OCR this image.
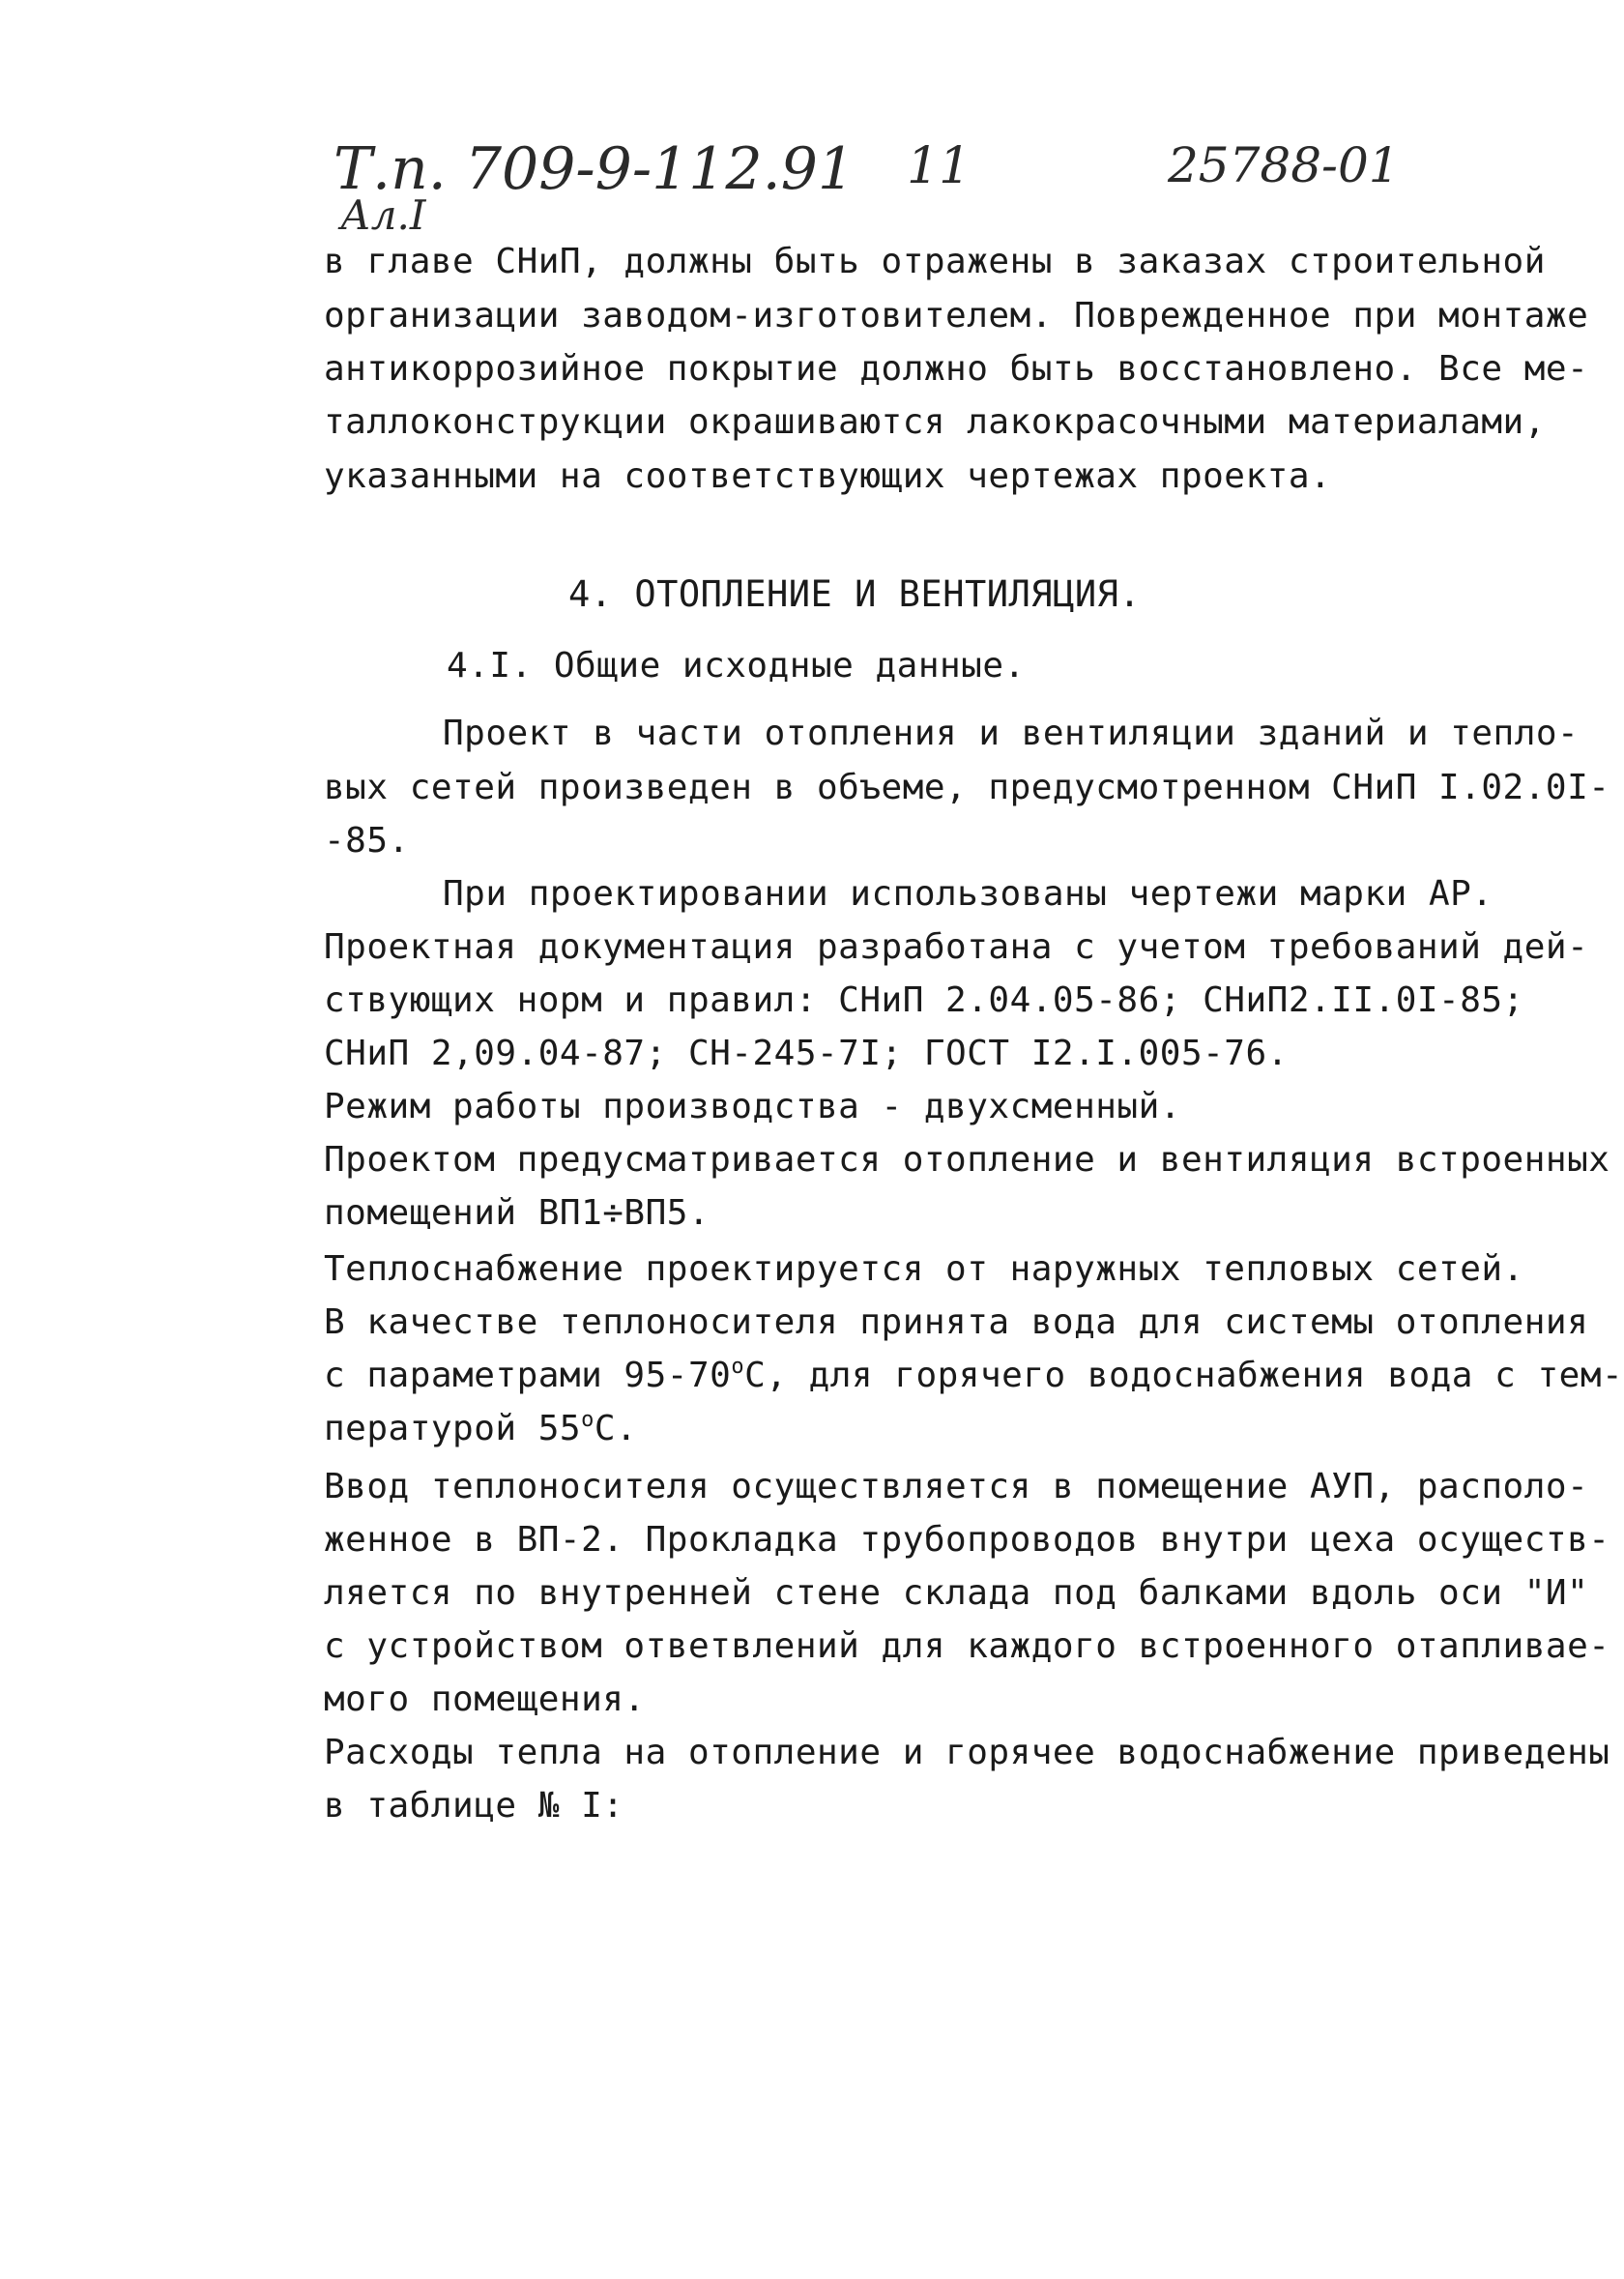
Т.п. 709-9-112.91
Ал.I
11	25788-01
в главе СНиП, должны быть отражены в заказах строительной
организации заводом-изготовителем. Поврежденное при монтаже
антикоррозийное покрытие должно быть восстановлено. Все ме-
таллоконструкции окрашиваются лакокрасочными материалами,
указанными на соответствующих чертежах проекта.
4. ОТОПЛЕНИЕ И ВЕНТИЛЯЦИЯ.
4.I. Общие исходные данные.
Проект в части отопления и вентиляции зданий и тепло-
вых сетей произведен в объеме, предусмотренном СНиП I.02.0I-
-85.
При проектировании использованы чертежи марки АР.
Проектная документация разработана с учетом требований дей-
ствующих норм и правил: СНиП 2.04.05-86; СНиП2.II.0I-85;
СНиП 2,09.04-87; СН-245-7I; ГОСТ I2.I.005-76.
Режим работы производства - двухсменный.
Проектом предусматривается отопление и вентиляция встроенных
помещений ВП1÷ВП5.
Теплоснабжение проектируется от наружных тепловых сетей.
В качестве теплоносителя принята вода для системы отопления
с параметрами $95-70^оС$, для горячего водоснабжения вода с тем-
пературой $55^оС$.
Ввод теплоносителя осуществляется в помещение АУП, располо-
женное в ВП-2. Прокладка трубопроводов внутри цеха осуществ-
ляется по внутренней стене склада под балками вдоль оси "И"
с устройством ответвлений для каждого встроенного отапливае-
мого помещения.
Расходы тепла на отопление и горячее водоснабжение приведены
в таблице № I:
